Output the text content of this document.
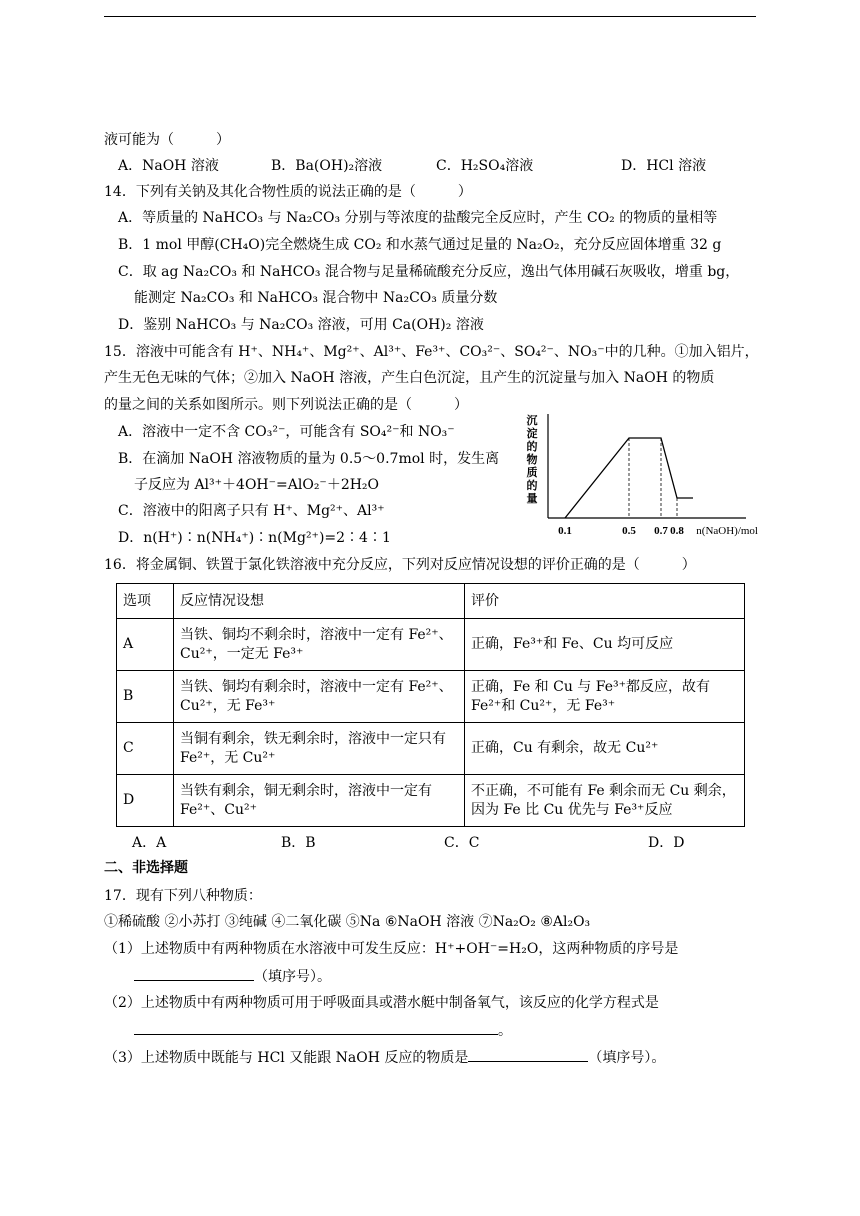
液可能为（　　　）
A．NaOH 溶液	B．Ba(OH)₂溶液	C．H₂SO₄溶液	D．HCl 溶液
14．下列有关钠及其化合物性质的说法正确的是（　　　）
A．等质量的 NaHCO₃ 与 Na₂CO₃ 分别与等浓度的盐酸完全反应时，产生 CO₂ 的物质的量相等
B．1 mol 甲醇(CH₄O)完全燃烧生成 CO₂ 和水蒸气通过足量的 Na₂O₂，充分反应固体增重 32 g
C．取 ag Na₂CO₃ 和 NaHCO₃ 混合物与足量稀硫酸充分反应，逸出气体用碱石灰吸收，增重 bg，
能测定 Na₂CO₃ 和 NaHCO₃ 混合物中 Na₂CO₃ 质量分数
D．鉴别 NaHCO₃ 与 Na₂CO₃ 溶液，可用 Ca(OH)₂ 溶液
15．溶液中可能含有 H⁺、NH₄⁺、Mg²⁺、Al³⁺、Fe³⁺、CO₃²⁻、SO₄²⁻、NO₃⁻中的几种。①加入铝片，
产生无色无味的气体；②加入 NaOH 溶液，产生白色沉淀，且产生的沉淀量与加入 NaOH 的物质
的量之间的关系如图所示。则下列说法正确的是（　　　）
A．溶液中一定不含 CO₃²⁻，可能含有 SO₄²⁻和 NO₃⁻
B．在滴加 NaOH 溶液物质的量为 0.5～0.7mol 时，发生离
子反应为 Al³⁺＋4OH⁻=AlO₂⁻＋2H₂O
C．溶液中的阳离子只有 H⁺、Mg²⁺、Al³⁺
D．n(H⁺)∶n(NH₄⁺)∶n(Mg²⁺)=2∶4∶1
沉
淀
的
物
质
的
量
0.1	0.5 0.7 0.8 n(NaOH)/mol
16．将金属铜、铁置于氯化铁溶液中充分反应，下列对反应情况设想的评价正确的是（　　　）
选项	反应情况设想	评价
A	当铁、铜均不剩余时，溶液中一定有 Fe²⁺、Cu²⁺，一定无 Fe³⁺	正确，Fe³⁺和 Fe、Cu 均可反应
B	当铁、铜均有剩余时，溶液中一定有 Fe²⁺、Cu²⁺，无 Fe³⁺	正确，Fe 和 Cu 与 Fe³⁺都反应，故有 Fe²⁺和 Cu²⁺，无 Fe³⁺
C	当铜有剩余，铁无剩余时，溶液中一定只有 Fe²⁺，无 Cu²⁺	正确，Cu 有剩余，故无 Cu²⁺
D	当铁有剩余，铜无剩余时，溶液中一定有 Fe²⁺、Cu²⁺	不正确，不可能有 Fe 剩余而无 Cu 剩余，因为 Fe 比 Cu 优先与 Fe³⁺反应
A．A	B．B	C．C	D．D
二、非选择题
17．现有下列八种物质：
①稀硫酸 ②小苏打 ③纯碱 ④二氧化碳 ⑤Na ⑥NaOH 溶液 ⑦Na₂O₂ ⑧Al₂O₃
（1）上述物质中有两种物质在水溶液中可发生反应：H⁺+OH⁻=H₂O，这两种物质的序号是
（填序号）。
（2）上述物质中有两种物质可用于呼吸面具或潜水艇中制备氧气，该反应的化学方程式是
。
（3）上述物质中既能与 HCl 又能跟 NaOH 反应的物质是	（填序号）。
